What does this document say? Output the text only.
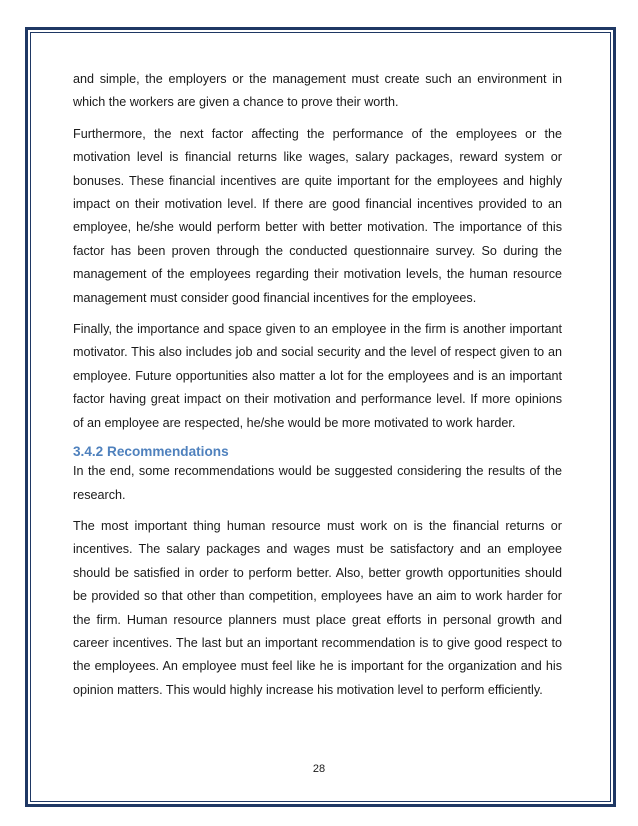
and simple, the employers or the management must create such an environment in which the workers are given a chance to prove their worth.

Furthermore, the next factor affecting the performance of the employees or the motivation level is financial returns like wages, salary packages, reward system or bonuses. These financial incentives are quite important for the employees and highly impact on their motivation level. If there are good financial incentives provided to an employee, he/she would perform better with better motivation. The importance of this factor has been proven through the conducted questionnaire survey. So during the management of the employees regarding their motivation levels, the human resource management must consider good financial incentives for the employees.

Finally, the importance and space given to an employee in the firm is another important motivator. This also includes job and social security and the level of respect given to an employee. Future opportunities also matter a lot for the employees and is an important factor having great impact on their motivation and performance level. If more opinions of an employee are respected, he/she would be more motivated to work harder.

3.4.2 Recommendations

In the end, some recommendations would be suggested considering the results of the research.

The most important thing human resource must work on is the financial returns or incentives. The salary packages and wages must be satisfactory and an employee should be satisfied in order to perform better. Also, better growth opportunities should be provided so that other than competition, employees have an aim to work harder for the firm. Human resource planners must place great efforts in personal growth and career incentives. The last but an important recommendation is to give good respect to the employees. An employee must feel like he is important for the organization and his opinion matters. This would highly increase his motivation level to perform efficiently.

28
